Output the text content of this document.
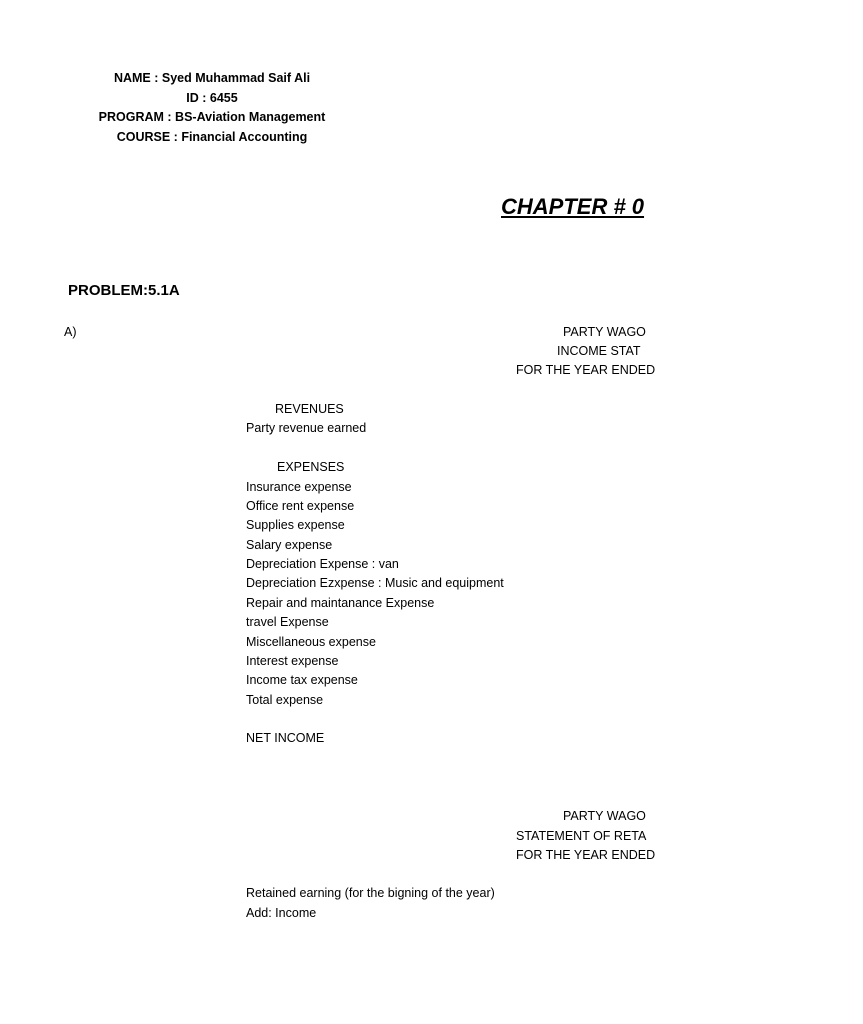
NAME : Syed Muhammad Saif Ali
ID : 6455
PROGRAM : BS-Aviation Management
COURSE : Financial Accounting
CHAPTER # 0
PROBLEM:5.1A
A)	PARTY WAGO
INCOME STAT
FOR THE YEAR ENDED
REVENUES
Party revenue earned
EXPENSES
Insurance expense
Office rent expense
Supplies expense
Salary expense
Depreciation Expense : van
Depreciation Ezxpense : Music and equipment
Repair and maintanance Expense
travel Expense
Miscellaneous expense
Interest expense
Income tax expense
Total expense
NET INCOME
PARTY WAGO
STATEMENT OF RETA
FOR THE YEAR ENDED
Retained earning (for the bigning of the year)
Add: Income
